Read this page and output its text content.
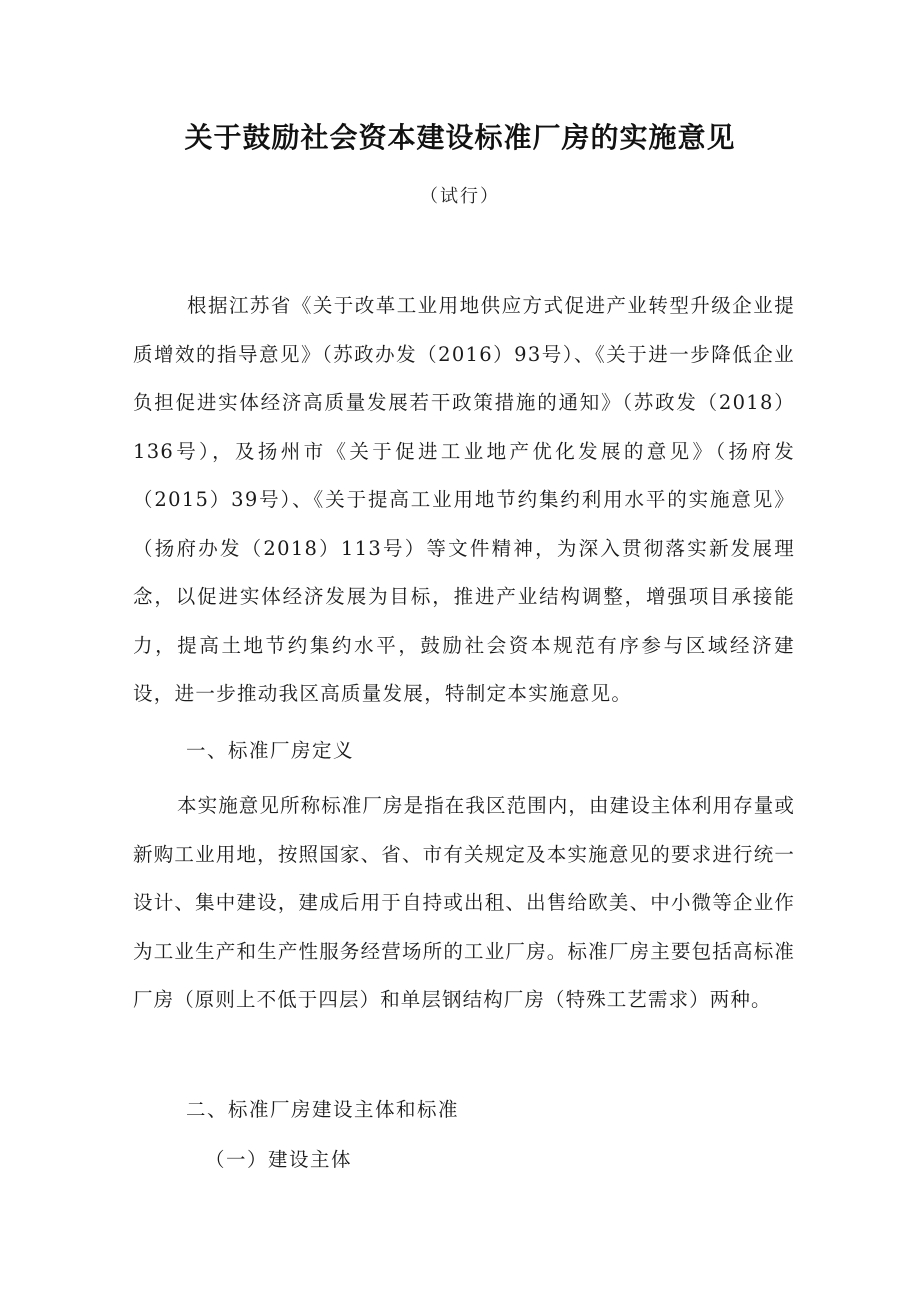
关于鼓励社会资本建设标准厂房的实施意见
（试行）
根据江苏省《关于改革工业用地供应方式促进产业转型升级企业提质增效的指导意见》（苏政办发（2016）93号）、《关于进一步降低企业负担促进实体经济高质量发展若干政策措施的通知》（苏政发（2018）136号），及扬州市《关于促进工业地产优化发展的意见》（扬府发（2015）39号）、《关于提高工业用地节约集约利用水平的实施意见》（扬府办发（2018）113号）等文件精神，为深入贯彻落实新发展理念，以促进实体经济发展为目标，推进产业结构调整，增强项目承接能力，提高土地节约集约水平，鼓励社会资本规范有序参与区域经济建设，进一步推动我区高质量发展，特制定本实施意见。
一、标准厂房定义
本实施意见所称标准厂房是指在我区范围内，由建设主体利用存量或新购工业用地，按照国家、省、市有关规定及本实施意见的要求进行统一设计、集中建设，建成后用于自持或出租、出售给欧美、中小微等企业作为工业生产和生产性服务经营场所的工业厂房。标准厂房主要包括高标准厂房（原则上不低于四层）和单层钢结构厂房（特殊工艺需求）两种。
二、标准厂房建设主体和标准
（一）建设主体
